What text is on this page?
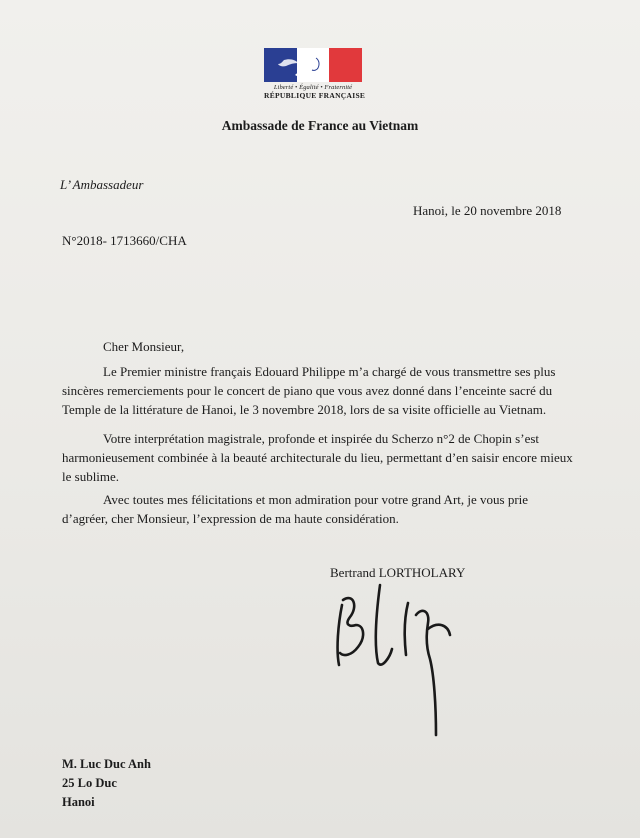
Liberté • Égalité • Fraternité
RÉPUBLIQUE FRANÇAISE
Ambassade de France au Vietnam
L’ Ambassadeur
Hanoi, le 20 novembre 2018
N°2018- 1713660/CHA
Cher Monsieur,

Le Premier ministre français Edouard Philippe m’a chargé de vous transmettre ses plus sincères remerciements pour le concert de piano que vous avez donné dans l’enceinte sacré du Temple de la littérature de Hanoi, le 3 novembre 2018, lors de sa visite officielle au Vietnam.

Votre interprétation magistrale, profonde et inspirée du Scherzo n°2 de Chopin s’est harmonieusement combinée à la beauté architecturale du lieu, permettant d’en saisir encore mieux le sublime.

Avec toutes mes félicitations et mon admiration pour votre grand Art, je vous prie d’agréer, cher Monsieur, l’expression de ma haute considération.

Bertrand LORTHOLARY
M. Luc Duc Anh
25 Lo Duc
Hanoi
